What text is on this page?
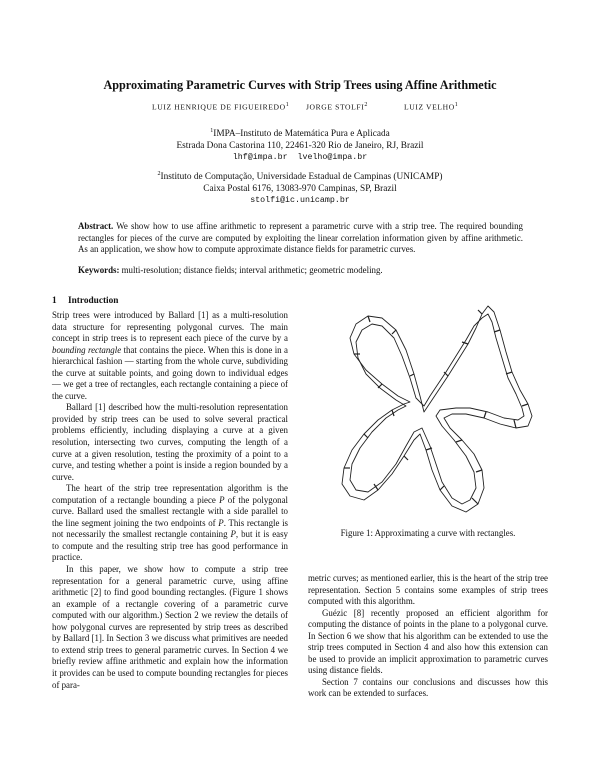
Approximating Parametric Curves with Strip Trees using Affine Arithmetic
LUIZ HENRIQUE DE FIGUEIREDO$^1$ JORGE STOLFI$^2$	LUIZ VELHO$^1$
$^1$IMPA–Instituto de Matemática Pura e Aplicada
Estrada Dona Castorina 110, 22461-320 Rio de Janeiro, RJ, Brazil
lhf@impa.br  lvelho@impa.br
$^2$Instituto de Computação, Universidade Estadual de Campinas (UNICAMP)
Caixa Postal 6176, 13083-970 Campinas, SP, Brazil
stolfi@ic.unicamp.br
Abstract. We show how to use affine arithmetic to represent a parametric curve with a strip tree. The required bounding rectangles for pieces of the curve are computed by exploiting the linear correlation information given by affine arithmetic. As an application, we show how to compute approximate distance fields for parametric curves.
Keywords: multi-resolution; distance fields; interval arithmetic; geometric modeling.
1 Introduction

Strip trees were introduced by Ballard [1] as a multi-resolution data structure for representing polygonal curves. The main concept in strip trees is to represent each piece of the curve by a bounding rectangle that contains the piece. When this is done in a hierarchical fashion — starting from the whole curve, subdividing the curve at suitable points, and going down to individual edges — we get a tree of rectangles, each rectangle containing a piece of the curve.

Ballard [1] described how the multi-resolution representation provided by strip trees can be used to solve several practical problems efficiently, including displaying a curve at a given resolution, intersecting two curves, computing the length of a curve at a given resolution, testing the proximity of a point to a curve, and testing whether a point is inside a region bounded by a curve.

The heart of the strip tree representation algorithm is the computation of a rectangle bounding a piece P of the polygonal curve. Ballard used the smallest rectangle with a side parallel to the line segment joining the two endpoints of P. This rectangle is not necessarily the smallest rectangle containing P, but it is easy to compute and the resulting strip tree has good performance in practice.

In this paper, we show how to compute a strip tree representation for a general parametric curve, using affine arithmetic [2] to find good bounding rectangles. (Figure 1 shows an example of a rectangle covering of a parametric curve computed with our algorithm.) Section 2 we review the details of how polygonal curves are represented by strip trees as described by Ballard [1]. In Section 3 we discuss what primitives are needed to extend strip trees to general parametric curves. In Section 4 we briefly review affine arithmetic and explain how the information it provides can be used to compute bounding rectangles for pieces of para-

Figure 1: Approximating a curve with rectangles.

metric curves; as mentioned earlier, this is the heart of the strip tree representation. Section 5 contains some examples of strip trees computed with this algorithm.

Guézic [8] recently proposed an efficient algorithm for computing the distance of points in the plane to a polygonal curve. In Section 6 we show that his algorithm can be extended to use the strip trees computed in Section 4 and also how this extension can be used to provide an implicit approximation to parametric curves using distance fields.

Section 7 contains our conclusions and discusses how this work can be extended to surfaces.
